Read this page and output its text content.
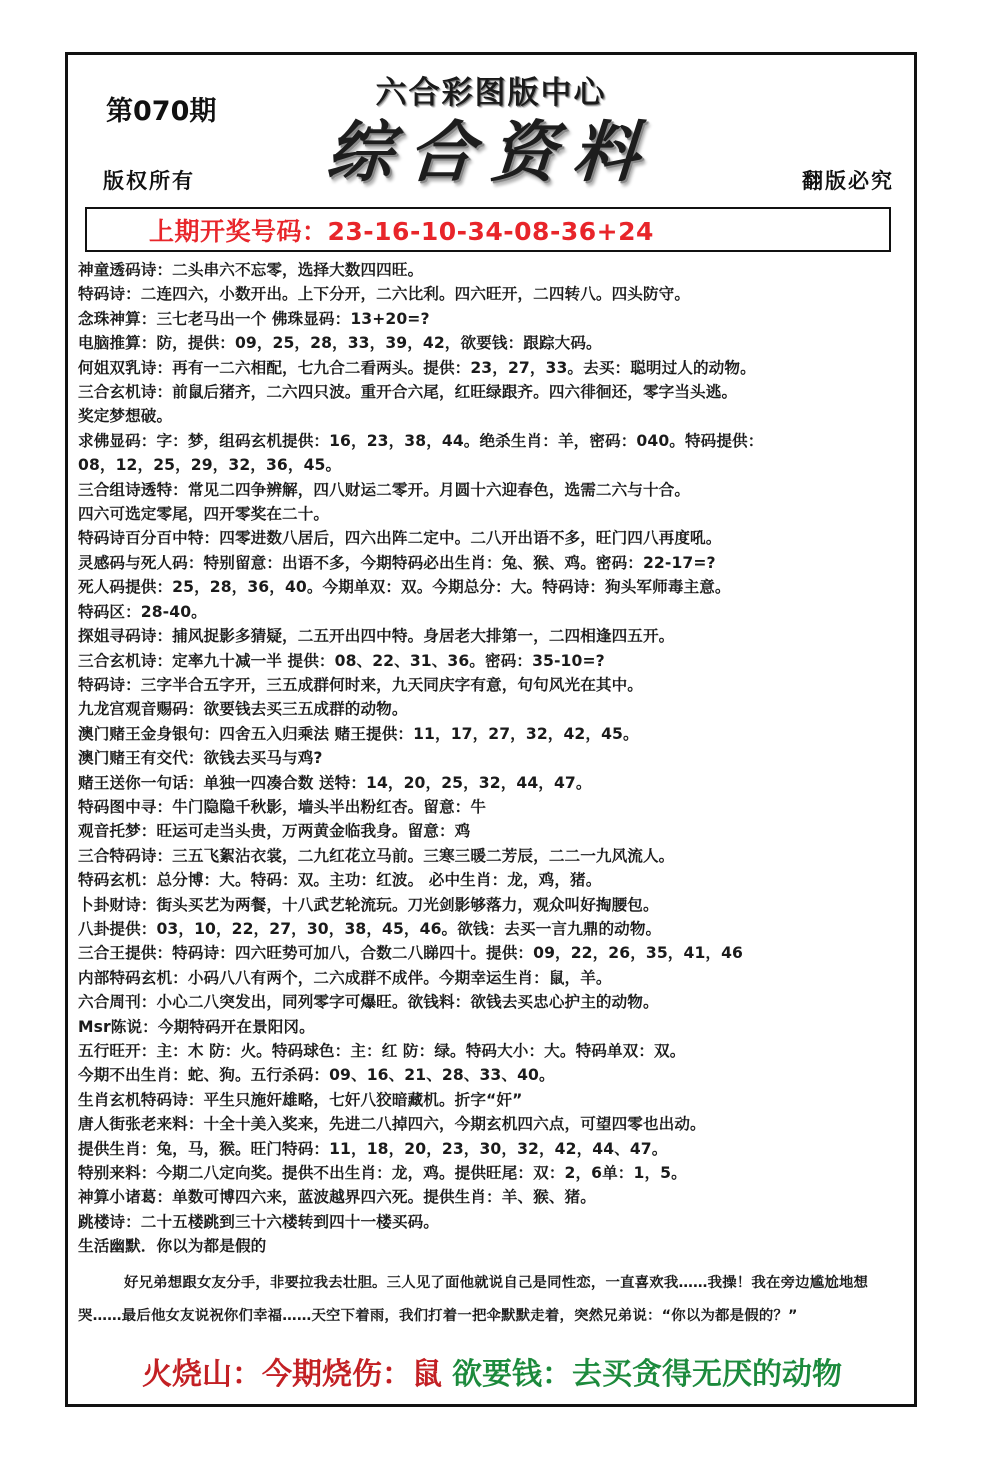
第070期
六合彩图版中心
综合资料
版权所有	翻版必究
上期开奖号码：23-16-10-34-08-36+24
神童透码诗：二头串六不忘零，选择大数四四旺。
特码诗：二连四六，小数开出。上下分开，二六比利。四六旺开，二四转八。四头防守。
念珠神算：三七老马出一个 佛珠显码：13+20=?
电脑推算：防，提供：09，25，28，33，39，42，欲要钱：跟踪大码。
何姐双乳诗：再有一二六相配，七九合二看两头。提供：23，27，33。去买：聪明过人的动物。
三合玄机诗：前鼠后猪齐，二六四只波。重开合六尾，红旺绿跟齐。四六徘徊还，零字当头逃。
奖定梦想破。
求佛显码：字：梦，组码玄机提供：16，23，38，44。绝杀生肖：羊，密码：040。特码提供：
08，12，25，29，32，36，45。
三合组诗透特：常见二四争辨解，四八财运二零开。月圆十六迎春色，选需二六与十合。
四六可选定零尾，四开零奖在二十。
特码诗百分百中特：四零进数八居后，四六出阵二定中。二八开出语不多，旺门四八再度吼。
灵感码与死人码：特别留意：出语不多，今期特码必出生肖：兔、猴、鸡。密码：22-17=?
死人码提供：25，28，36，40。今期单双：双。今期总分：大。特码诗：狗头军师毒主意。
特码区：28-40。
探姐寻码诗：捕风捉影多猜疑，二五开出四中特。身居老大排第一，二四相逢四五开。
三合玄机诗：定率九十减一半 提供：08、22、31、36。密码：35-10=?
特码诗：三字半合五字开，三五成群何时来，九天同庆字有意，句句风光在其中。
九龙宫观音赐码：欲要钱去买三五成群的动物。
澳门赌王金身银句：四舍五入归乘法 赌王提供：11，17，27，32，42，45。
澳门赌王有交代：欲钱去买马与鸡?
赌王送你一句话：单独一四凑合数 送特：14，20，25，32，44，47。
特码图中寻：牛门隐隐千秋影，墙头半出粉红杏。留意：牛
观音托梦：旺运可走当头贵，万两黄金临我身。留意：鸡
三合特码诗：三五飞絮沾衣裳，二九红花立马前。三寒三暖二芳辰，二二一九风流人。
特码玄机：总分博：大。特码：双。主功：红波。 必中生肖：龙，鸡，猪。
卜卦财诗：街头买艺为两餐，十八武艺轮流玩。刀光剑影够落力，观众叫好掏腰包。
八卦提供：03，10，22，27，30，38，45，46。欲钱：去买一言九鼎的动物。
三合王提供：特码诗：四六旺势可加八，合数二八睇四十。提供：09，22，26，35，41，46
内部特码玄机：小码八八有两个，二六成群不成伴。今期幸运生肖：鼠，羊。
六合周刊：小心二八突发出，同列零字可爆旺。欲钱料：欲钱去买忠心护主的动物。
Msr陈说：今期特码开在景阳冈。
五行旺开：主：木 防：火。特码球色：主：红 防：绿。特码大小：大。特码单双：双。
今期不出生肖：蛇、狗。五行杀码：09、16、21、28、33、40。
生肖玄机特码诗：平生只施奸雄略，七奸八狡暗藏机。折字“奸”
唐人街张老来料：十全十美入奖来，先进二八掉四六，今期玄机四六点，可望四零也出动。
提供生肖：兔，马，猴。旺门特码：11，18，20，23，30，32，42，44、47。
特别来料：今期二八定向奖。提供不出生肖：龙，鸡。提供旺尾：双：2，6单：1，5。
神算小诸葛：单数可博四六来，蓝波越界四六死。提供生肖：羊、猴、猪。
跳楼诗：二十五楼跳到三十六楼转到四十一楼买码。
生活幽默．你以为都是假的
好兄弟想跟女友分手，非要拉我去壮胆。三人见了面他就说自己是同性恋，一直喜欢我……我操！我在旁边尴尬地想哭……最后他女友说祝你们幸福……天空下着雨，我们打着一把伞默默走着，突然兄弟说：“你以为都是假的？”
火烧山：今期烧伤：鼠 欲要钱：去买贪得无厌的动物
